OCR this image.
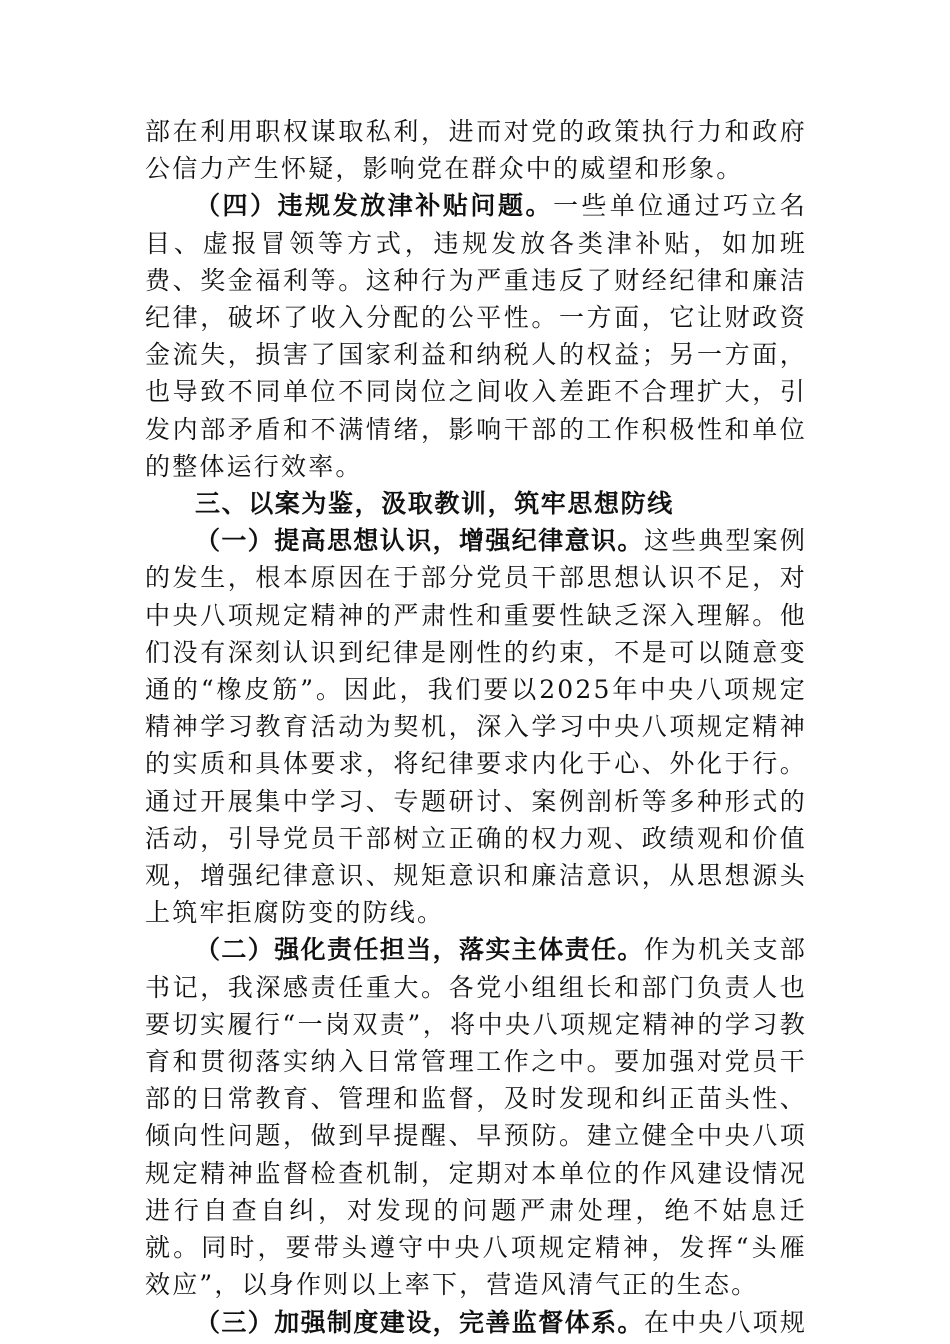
部在利用职权谋取私利，进而对党的政策执行力和政府公信力产生怀疑，影响党在群众中的威望和形象。

（四）违规发放津补贴问题。一些单位通过巧立名目、虚报冒领等方式，违规发放各类津补贴，如加班费、奖金福利等。这种行为严重违反了财经纪律和廉洁纪律，破坏了收入分配的公平性。一方面，它让财政资金流失，损害了国家利益和纳税人的权益；另一方面，也导致不同单位不同岗位之间收入差距不合理扩大，引发内部矛盾和不满情绪，影响干部的工作积极性和单位的整体运行效率。

三、以案为鉴，汲取教训，筑牢思想防线

（一）提高思想认识，增强纪律意识。这些典型案例的发生，根本原因在于部分党员干部思想认识不足，对中央八项规定精神的严肃性和重要性缺乏深入理解。他们没有深刻认识到纪律是刚性的约束，不是可以随意变通的“橡皮筋”。因此，我们要以2025年中央八项规定精神学习教育活动为契机，深入学习中央八项规定精神的实质和具体要求，将纪律要求内化于心、外化于行。通过开展集中学习、专题研讨、案例剖析等多种形式的活动，引导党员干部树立正确的权力观、政绩观和价值观，增强纪律意识、规矩意识和廉洁意识，从思想源头上筑牢拒腐防变的防线。

（二）强化责任担当，落实主体责任。作为机关支部书记，我深感责任重大。各党小组组长和部门负责人也要切实履行“一岗双责”，将中央八项规定精神的学习教育和贯彻落实纳入日常管理工作之中。要加强对党员干部的日常教育、管理和监督，及时发现和纠正苗头性、倾向性问题，做到早提醒、早预防。建立健全中央八项规定精神监督检查机制，定期对本单位的作风建设情况进行自查自纠，对发现的问题严肃处理，绝不姑息迁就。同时，要带头遵守中央八项规定精神，发挥“头雁效应”，以身作则以上率下，营造风清气正的生态。

（三）加强制度建设，完善监督体系。在中央八项规
